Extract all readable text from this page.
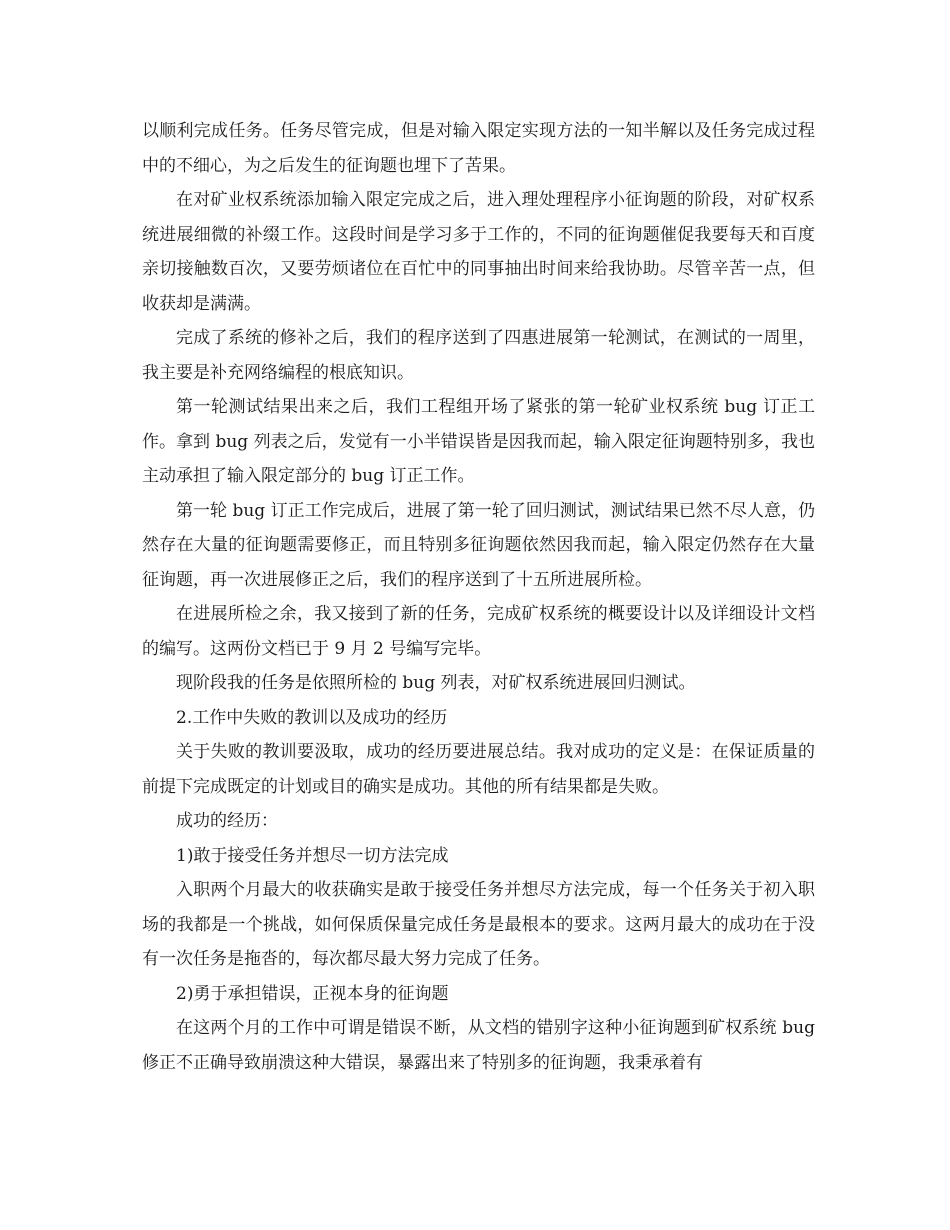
以顺利完成任务。任务尽管完成，但是对输入限定实现方法的一知半解以及任务完成过程中的不细心，为之后发生的征询题也埋下了苦果。

在对矿业权系统添加输入限定完成之后，进入理处理程序小征询题的阶段，对矿权系统进展细微的补缀工作。这段时间是学习多于工作的，不同的征询题催促我要每天和百度亲切接触数百次，又要劳烦诸位在百忙中的同事抽出时间来给我协助。尽管辛苦一点，但收获却是满满。

完成了系统的修补之后，我们的程序送到了四惠进展第一轮测试，在测试的一周里，我主要是补充网络编程的根底知识。

第一轮测试结果出来之后，我们工程组开场了紧张的第一轮矿业权系统 bug 订正工作。拿到 bug 列表之后，发觉有一小半错误皆是因我而起，输入限定征询题特别多，我也主动承担了输入限定部分的 bug 订正工作。

第一轮 bug 订正工作完成后，进展了第一轮了回归测试，测试结果已然不尽人意，仍然存在大量的征询题需要修正，而且特别多征询题依然因我而起，输入限定仍然存在大量征询题，再一次进展修正之后，我们的程序送到了十五所进展所检。

在进展所检之余，我又接到了新的任务，完成矿权系统的概要设计以及详细设计文档的编写。这两份文档已于 9 月 2 号编写完毕。

现阶段我的任务是依照所检的 bug 列表，对矿权系统进展回归测试。

2.工作中失败的教训以及成功的经历

关于失败的教训要汲取，成功的经历要进展总结。我对成功的定义是：在保证质量的前提下完成既定的计划或目的确实是成功。其他的所有结果都是失败。

成功的经历：

1)敢于接受任务并想尽一切方法完成

入职两个月最大的收获确实是敢于接受任务并想尽方法完成，每一个任务关于初入职场的我都是一个挑战，如何保质保量完成任务是最根本的要求。这两月最大的成功在于没有一次任务是拖沓的，每次都尽最大努力完成了任务。

2)勇于承担错误，正视本身的征询题

在这两个月的工作中可谓是错误不断，从文档的错别字这种小征询题到矿权系统 bug 修正不正确导致崩溃这种大错误，暴露出来了特别多的征询题，我秉承着有
